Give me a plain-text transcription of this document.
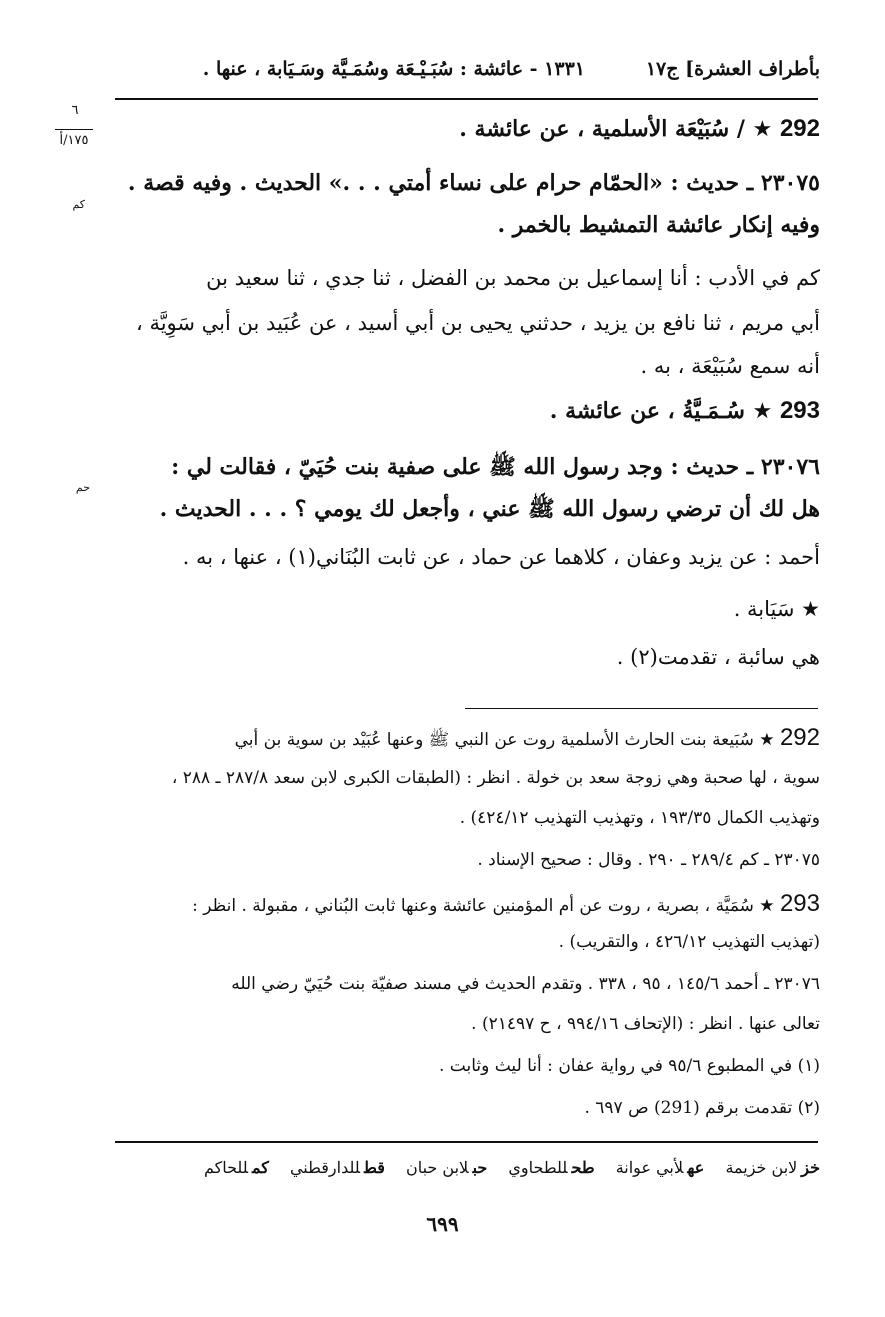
بأطراف العشرة] ج١٧
١٣٣١ - عائشة : سُبَـيْـعَة وسُمَـيَّة وسَـيَابة ، عنها .
٦
١٧٥/أ	292 ★ / سُبَيْعَة الأسلمية ، عن عائشة .
٢٣٠٧٥ ـ حديث : «الحمّام حرام على نساء أمتي . . .» الحديث . وفيه قصة .
كم
وفيه إنكار عائشة التمشيط بالخمر .
كم في الأدب : أنا إسماعيل بن محمد بن الفضل ، ثنا جدي ، ثنا سعيد بن
أبي مريم ، ثنا نافع بن يزيد ، حدثني يحيى بن أبي أسيد ، عن عُبَيد بن أبي سَوِيَّة ،
أنه سمع سُبَيْعَة ، به .
293 ★ سُـمَـيَّةُ ، عن عائشة .
٢٣٠٧٦ ـ حديث : وجد رسول الله ﷺ على صفية بنت حُيَيّ ، فقالت لي :
حم
هل لك أن ترضي رسول الله ﷺ عني ، وأجعل لك يومي ؟ . . . الحديث .
أحمد : عن يزيد وعفان ، كلاهما عن حماد ، عن ثابت البُنَاني(١) ، عنها ، به .
★ سَيَابة .
هي سائبة ، تقدمت(٢) .
292 ★ سُبَيعة بنت الحارث الأسلمية روت عن النبي ﷺ وعنها عُبَيْد بن سوية بن أبي
سوية ، لها صحبة وهي زوجة سعد بن خولة . انظر : (الطبقات الكبرى لابن سعد ٢٨٧/٨ ـ ٢٨٨ ،
وتهذيب الكمال ١٩٣/٣٥ ، وتهذيب التهذيب ٤٢٤/١٢) .
٢٣٠٧٥ ـ كم ٢٨٩/٤ ـ ٢٩٠ . وقال : صحيح الإسناد .
293 ★ سُمَيَّة ، بصرية ، روت عن أم المؤمنين عائشة وعنها ثابت البُناني ، مقبولة . انظر :
(تهذيب التهذيب ٤٢٦/١٢ ، والتقريب) .
٢٣٠٧٦ ـ أحمد ١٤٥/٦ ، ٩٥ ، ٣٣٨ . وتقدم الحديث في مسند صفيّة بنت حُيَيّ رضي الله
تعالى عنها . انظر : (الإتحاف ٩٩٤/١٦ ، ح ٢١٤٩٧) .
(١) في المطبوع ٩٥/٦ في رواية عفان : أنا ليث وثابت .
(٢) تقدمت برقم (291) ص ٦٩٧ .
خزلابن خزيمة عهلأبي عوانة طحللطحاوي حبلابن حبان قطللدارقطني كمللحاكم
٦٩٩
